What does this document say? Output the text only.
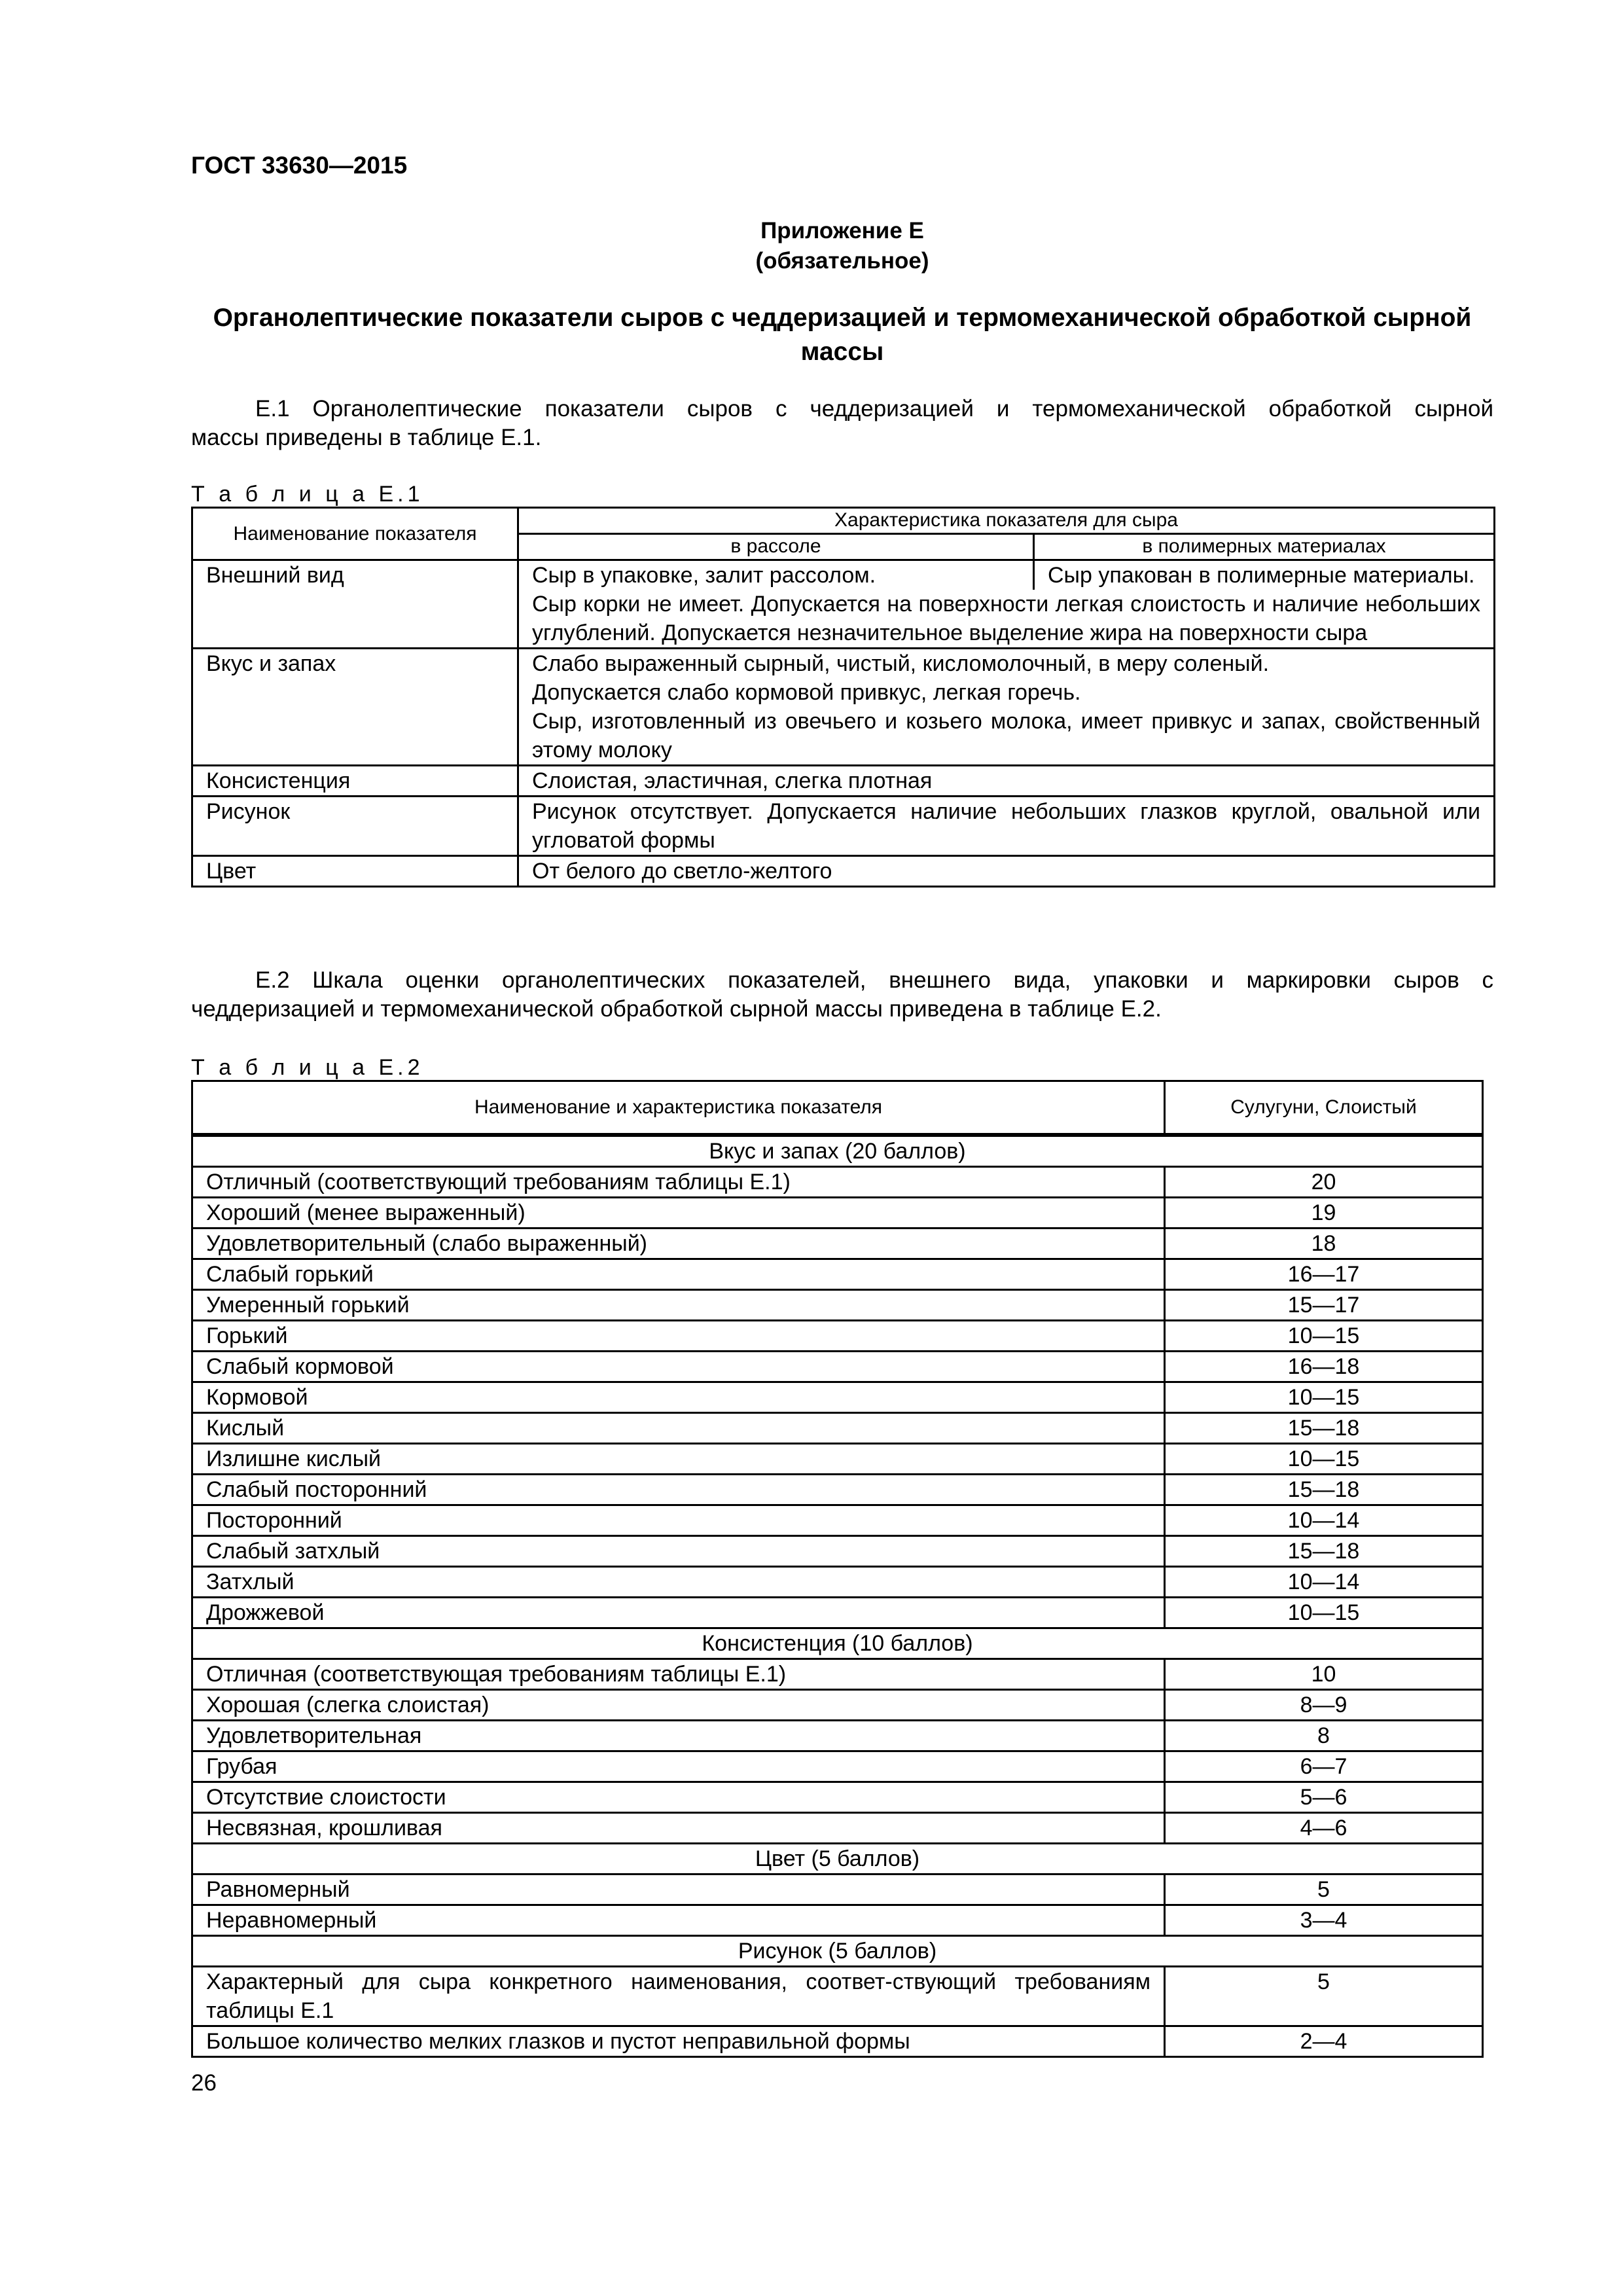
ГОСТ 33630—2015
Приложение Е
(обязательное)
Органолептические показатели сыров с чеддеризацией и термомеханической обработкой сырной массы
Е.1 Органолептические показатели сыров с чеддеризацией и термомеханической обработкой сырной
массы приведены в таблице Е.1.
Т а б л и ц а Е.1
Наименование показателя	Характеристика показателя для сыра	
	в рассоле	в полимерных материалах
Внешний вид	Сыр в упаковке, залит рассолом.	Сыр упакован в полимерные материалы.
	Сыр корки не имеет. Допускается на поверхности легкая слоистость и наличие небольших углублений. Допускается незначительное выделение жира на поверхности сыра	
Вкус и запах	Слабо выраженный сырный, чистый, кисломолочный, в меру соленый.
Допускается слабо кормовой привкус, легкая горечь.
Сыр, изготовленный из овечьего и козьего молока, имеет привкус и запах, свойственный этому молоку	

Консистенция	Слоистая, эластичная, слегка плотная	
Рисунок	Рисунок отсутствует. Допускается наличие небольших глазков круглой, овальной или угловатой формы	
Цвет	От белого до светло-желтого	
Е.2 Шкала оценки органолептических показателей, внешнего вида, упаковки и маркировки сыров с
чеддеризацией и термомеханической обработкой сырной массы приведена в таблице Е.2.
Т а б л и ц а Е.2
Наименование и характеристика показателя	Сулугуни, Слоистый
Вкус и запах (20 баллов)	
Отличный (соответствующий требованиям таблицы Е.1)	20
Хороший (менее выраженный)	19
Удовлетворительный (слабо выраженный)	18
Слабый горький	16—17
Умеренный горький	15—17
Горький	10—15
Слабый кормовой	16—18
Кормовой	10—15
Кислый	15—18
Излишне кислый	10—15
Слабый посторонний	15—18
Посторонний	10—14
Слабый затхлый	15—18
Затхлый	10—14
Дрожжевой	10—15
Консистенция (10 баллов)	
Отличная (соответствующая требованиям таблицы Е.1)	10
Хорошая (слегка слоистая)	8—9
Удовлетворительная	8
Грубая	6—7
Отсутствие слоистости	5—6
Несвязная, крошливая	4—6
Цвет (5 баллов)	
Равномерный	5
Неравномерный	3—4
Рисунок (5 баллов)	
Характерный для сыра конкретного наименования, соответ-ствующий требованиям таблицы Е.1	5
Большое количество мелких глазков и пустот неправильной формы	2—4
26
